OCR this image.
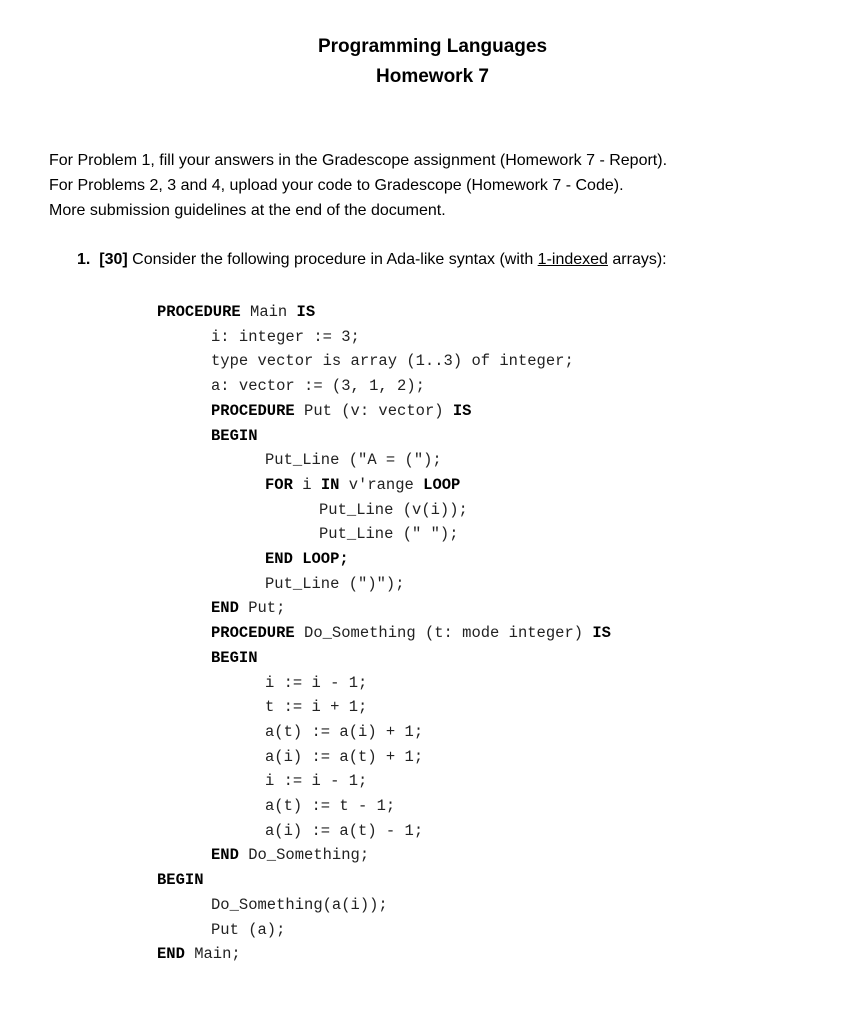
Programming Languages
Homework 7
For Problem 1, fill your answers in the Gradescope assignment (Homework 7 - Report).
For Problems 2, 3 and 4, upload your code to Gradescope (Homework 7 - Code).
More submission guidelines at the end of the document.
1. [30] Consider the following procedure in Ada-like syntax (with 1-indexed arrays):
PROCEDURE Main IS
i: integer := 3;
type vector is array (1..3) of integer;
a: vector := (3, 1, 2);
PROCEDURE Put (v: vector) IS
BEGIN
Put_Line ("A = (");
FOR i IN v'range LOOP
Put_Line (v(i));
Put_Line (" ");
END LOOP;
Put_Line (")");
END Put;
PROCEDURE Do_Something (t: mode integer) IS
BEGIN
i := i - 1;
t := i + 1;
a(t) := a(i) + 1;
a(i) := a(t) + 1;
i := i - 1;
a(t) := t - 1;
a(i) := a(t) - 1;
END Do_Something;
BEGIN
Do_Something(a(i));
Put (a);
END Main;
